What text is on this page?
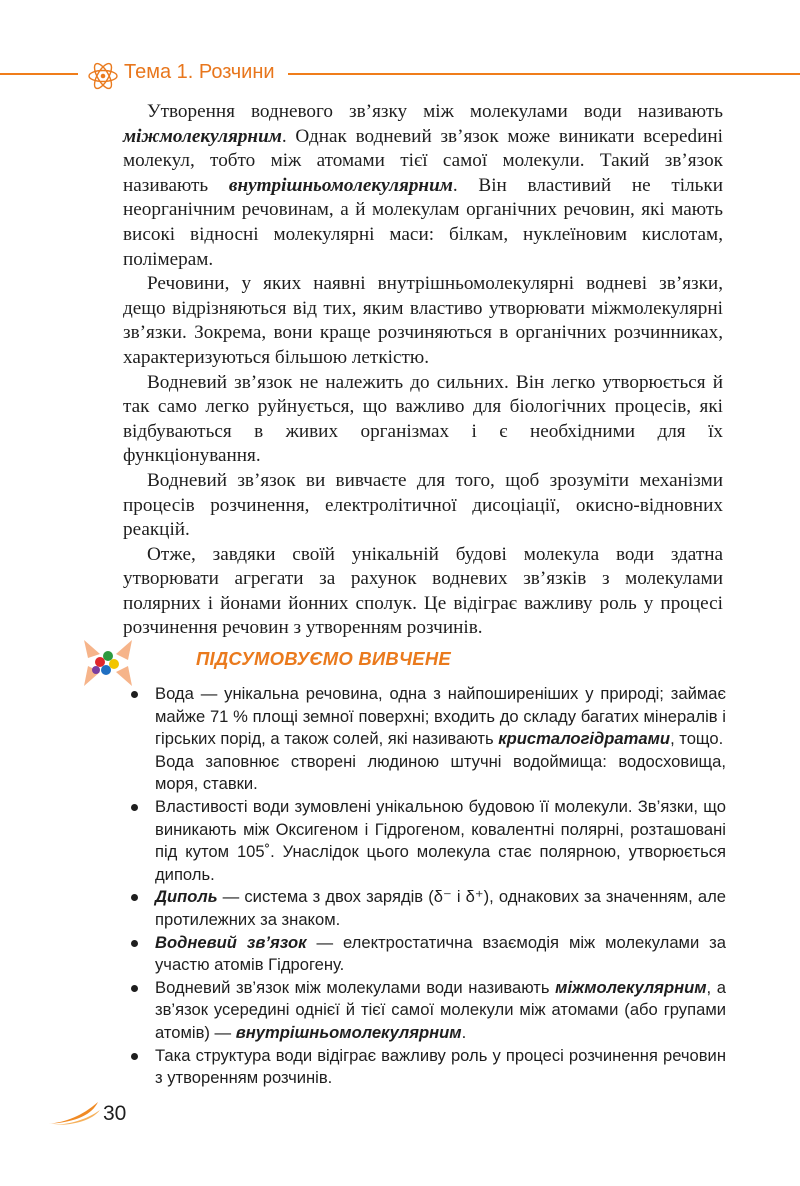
Тема 1. Розчини

Утворення водневого зв’язку між молекулами води називають міжмолекулярним. Однак водневий зв’язок може виникати всереdині молекул, тобто між атомами тієї самої молекули. Такий зв’язок називають внутрішньомолекулярним. Він властивий не тільки неорганічним речовинам, а й молекулам органічних речовин, які мають високі відносні молекулярні маси: білкам, нуклеїновим кислотам, полімерам.

Речовини, у яких наявні внутрішньомолекулярні водневі зв’язки, дещо відрізняються від тих, яким властиво утворювати міжмолекулярні зв’язки. Зокрема, вони краще розчиняються в органічних розчинниках, характеризуються більшою леткістю.

Водневий зв’язок не належить до сильних. Він легко утворюється й так само легко руйнується, що важливо для біологічних процесів, які відбуваються в живих організмах і є необхідними для їх функціонування.

Водневий зв’язок ви вивчаєте для того, щоб зрозуміти механізми процесів розчинення, електролітичної дисоціації, окисно-відновних реакцій.

Отже, завдяки своїй унікальній будові молекула води здатна утворювати агрегати за рахунок водневих зв’язків з молекулами полярних і йонами йонних сполук. Це відіграє важливу роль у процесі розчинення речовин з утворенням розчинів.

ПІДСУМОВУЄМО ВИВЧЕНЕ
Вода — унікальна речовина, одна з найпоширеніших у природі; займає майже 71 % площі земної поверхні; входить до складу багатих мінералів і гірських порід, а також солей, які називають кристалогідратами, тощо.
Вода заповнює створені людиною штучні водоймища: водосховища, моря, ставки.
Властивості води зумовлені унікальною будовою її молекули. Зв’язки, що виникають між Оксигеном і Гідрогеном, ковалентні полярні, розташовані під кутом 105˚. Унаслідок цього молекула стає полярною, утворюється диполь.
Диполь — система з двох зарядів (δ⁻ і δ⁺), однакових за значенням, але протилежних за знаком.
Водневий зв’язок — електростатична взаємодія між молекулами за участю атомів Гідрогену.
Водневий зв’язок між молекулами води називають міжмолекулярним, а зв’язок усередині однієї й тієї самої молекули між атомами (або групами атомів) — внутрішньомолекулярним.
Така структура води відіграє важливу роль у процесі розчинення речовин з утворенням розчинів.
30
